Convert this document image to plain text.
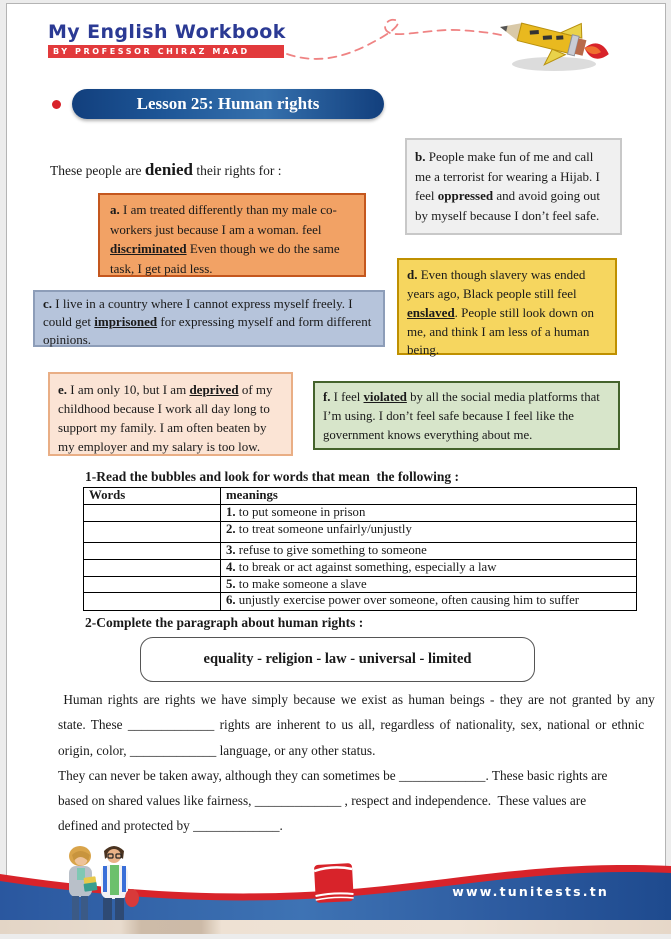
My English Workbook
BY PROFESSOR CHIRAZ MAAD
Lesson 25: Human rights
These people are denied their rights for :
a. I am treated differently than my male co-workers just because I am a woman. feel discriminated Even though we do the same task, I get paid less.
b. People make fun of me and call me a terrorist for wearing a Hijab. I feel oppressed and avoid going out by myself because I don’t feel safe.
c. I live in a country where I cannot express myself freely. I could get imprisoned for expressing myself and form different opinions.
d. Even though slavery was ended years ago, Black people still feel enslaved. People still look down on me, and think I am less of a human being.
e. I am only 10, but I am deprived of my childhood because I work all day long to support my family. I am often beaten by my employer and my salary is too low.
f. I feel violated by all the social media platforms that I’m using. I don’t feel safe because I feel like the government knows everything about me.
1-Read the bubbles and look for words that mean  the following :
Words	meanings
	1. to put someone in prison
	2. to treat someone unfairly/unjustly
	3. refuse to give something to someone
	4. to break or act against something, especially a law
	5. to make someone a slave
	6. unjustly exercise power over someone, often causing him to suffer
2-Complete the paragraph about human rights :
equality - religion - law - universal - limited
Human rights are rights we have simply because we exist as human beings - they are not granted by any
state. These _____________ rights are inherent to us all, regardless of nationality, sex, national or ethnic
origin, color, _____________ language, or any other status.
They can never be taken away, although they can sometimes be _____________. These basic rights are
based on shared values like fairness, _____________ , respect and independence.  These values are
defined and protected by _____________.
www.tunitests.tn
